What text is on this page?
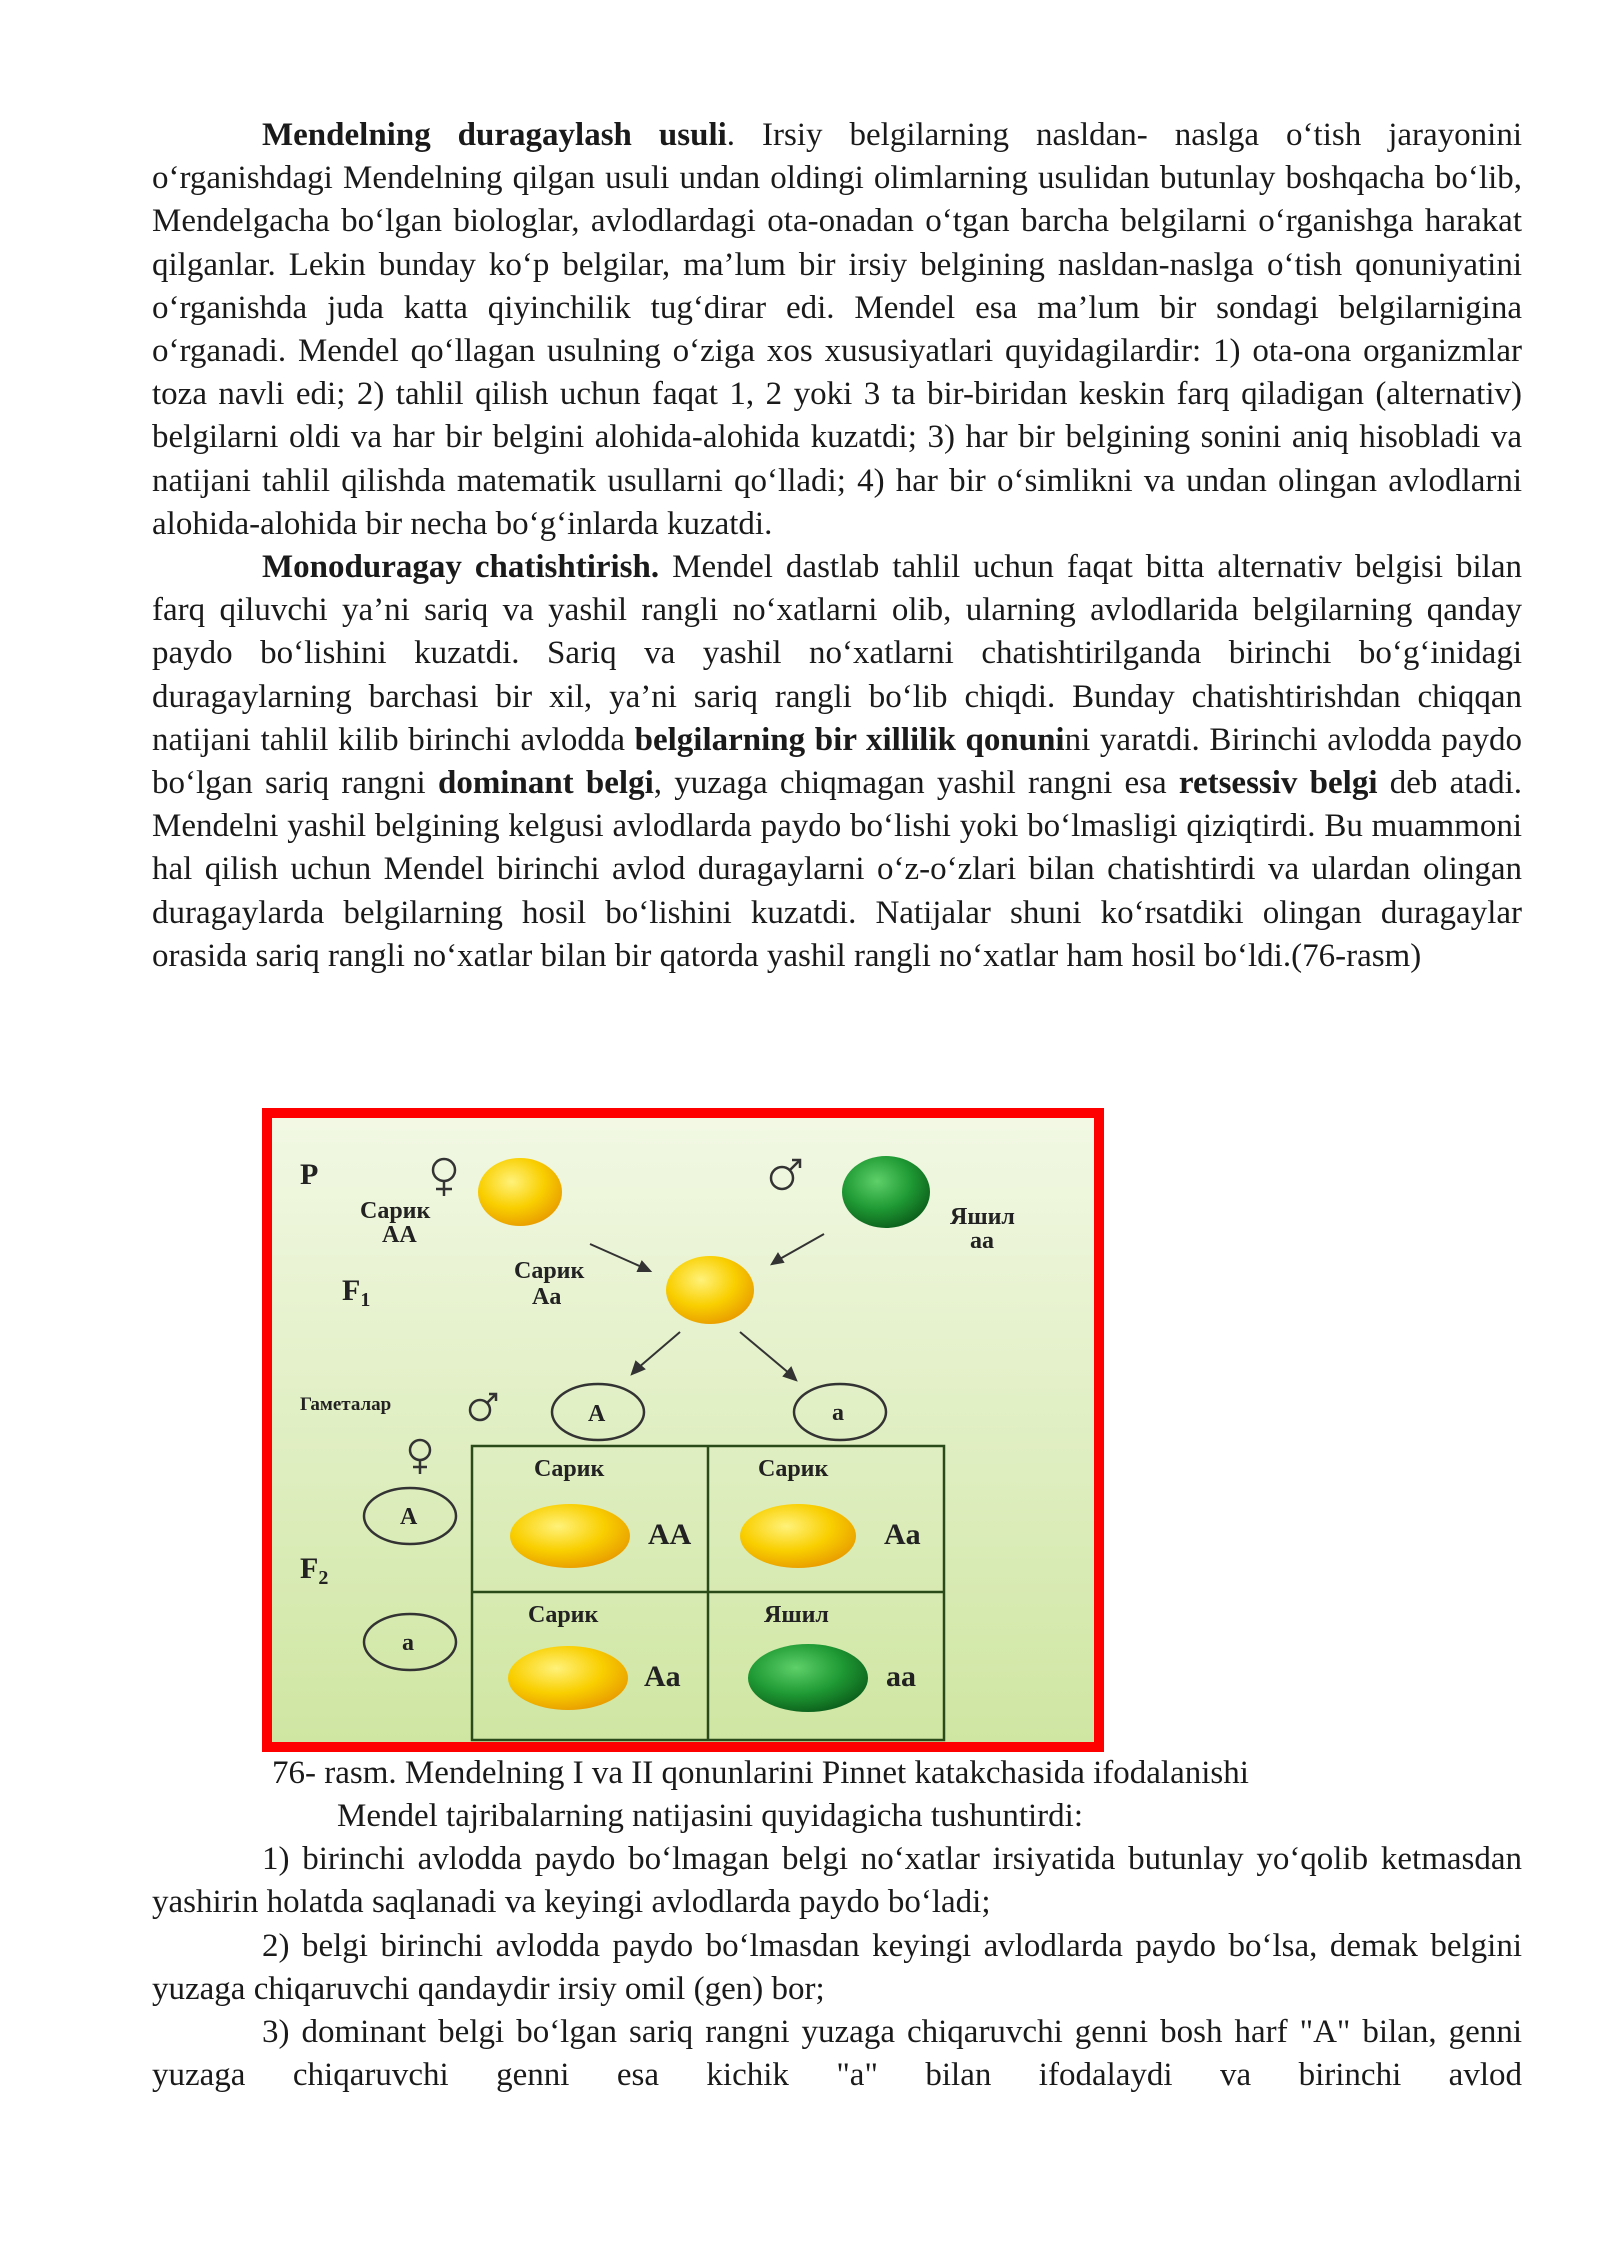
Mendelning duragaylash usuli. Irsiy belgilarning nasldan- naslga o‘tish jarayonini o‘rganishdagi Mendelning qilgan usuli undan oldingi olimlarning usulidan butunlay boshqacha bo‘lib, Mendelgacha bo‘lgan biologlar, avlodlardagi ota-onadan o‘tgan barcha belgilarni o‘rganishga harakat qilganlar. Lekin bunday ko‘p belgilar, ma’lum bir irsiy belgining nasldan-naslga o‘tish qonuniyatini o‘rganishda juda katta qiyinchilik tug‘dirar edi. Mendel esa ma’lum bir sondagi belgilarnigina o‘rganadi. Mendel qo‘llagan usulning o‘ziga xos xususiyatlari quyidagilardir: 1) ota-ona organizmlar toza navli edi; 2) tahlil qilish uchun faqat 1, 2 yoki 3 ta bir-biridan keskin farq qiladigan (alternativ) belgilarni oldi va har bir belgini alohida-alohida kuzatdi; 3) har bir belgining sonini aniq hisobladi va natijani tahlil qilishda matematik usullarni qo‘lladi; 4) har bir o‘simlikni va undan olingan avlodlarni alohida-alohida bir necha bo‘g‘inlarda kuzatdi.

Monoduragay chatishtirish. Mendel dastlab tahlil uchun faqat bitta alternativ belgisi bilan farq qiluvchi ya’ni sariq va yashil rangli no‘xatlarni olib, ularning avlodlarida belgilarning qanday paydo bo‘lishini kuzatdi. Sariq va yashil no‘xatlarni chatishtirilganda birinchi bo‘g‘inidagi duragaylarning barchasi bir xil, ya’ni sariq rangli bo‘lib chiqdi. Bunday chatishtirishdan chiqqan natijani tahlil kilib birinchi avlodda belgilarning bir xillilik qonunini yaratdi. Birinchi avlodda paydo bo‘lgan sariq rangni dominant belgi, yuzaga chiqmagan yashil rangni esa retsessiv belgi deb atadi. Mendelni yashil belgining kelgusi avlodlarda paydo bo‘lishi yoki bo‘lmasligi qiziqtirdi. Bu muammoni hal qilish uchun Mendel birinchi avlod duragaylarni o‘z-o‘zlari bilan chatishtirdi va ulardan olingan duragaylarda belgilarning hosil bo‘lishini kuzatdi. Natijalar shuni ko‘rsatdiki olingan duragaylar orasida sariq rangli no‘xatlar bilan bir qatorda yashil rangli no‘xatlar ham hosil bo‘ldi.(76-rasm)

P
Сарик
AA
Яшил
aa
$F_1$
Сарик
Aa
Гаметалар	A	a
A
$F_2$
a
Сарик
AA
Сарик
Aa
Сарик
Aa
Яшил
aa
76- rasm. Mendelning I va II qonunlarini Pinnet katakchasida ifodalanishi

Mendel tajribalarning natijasini quyidagicha tushuntirdi:

1) birinchi avlodda paydo bo‘lmagan belgi no‘xatlar irsiyatida butunlay yo‘qolib ketmasdan yashirin holatda saqlanadi va keyingi avlodlarda paydo bo‘ladi;

2) belgi birinchi avlodda paydo bo‘lmasdan keyingi avlodlarda paydo bo‘lsa, demak belgini yuzaga chiqaruvchi qandaydir irsiy omil (gen) bor;

3) dominant belgi bo‘lgan sariq rangni yuzaga chiqaruvchi genni bosh harf "A" bilan, genni yuzaga chiqaruvchi genni esa kichik "a" bilan ifodalaydi va birinchi avlod
